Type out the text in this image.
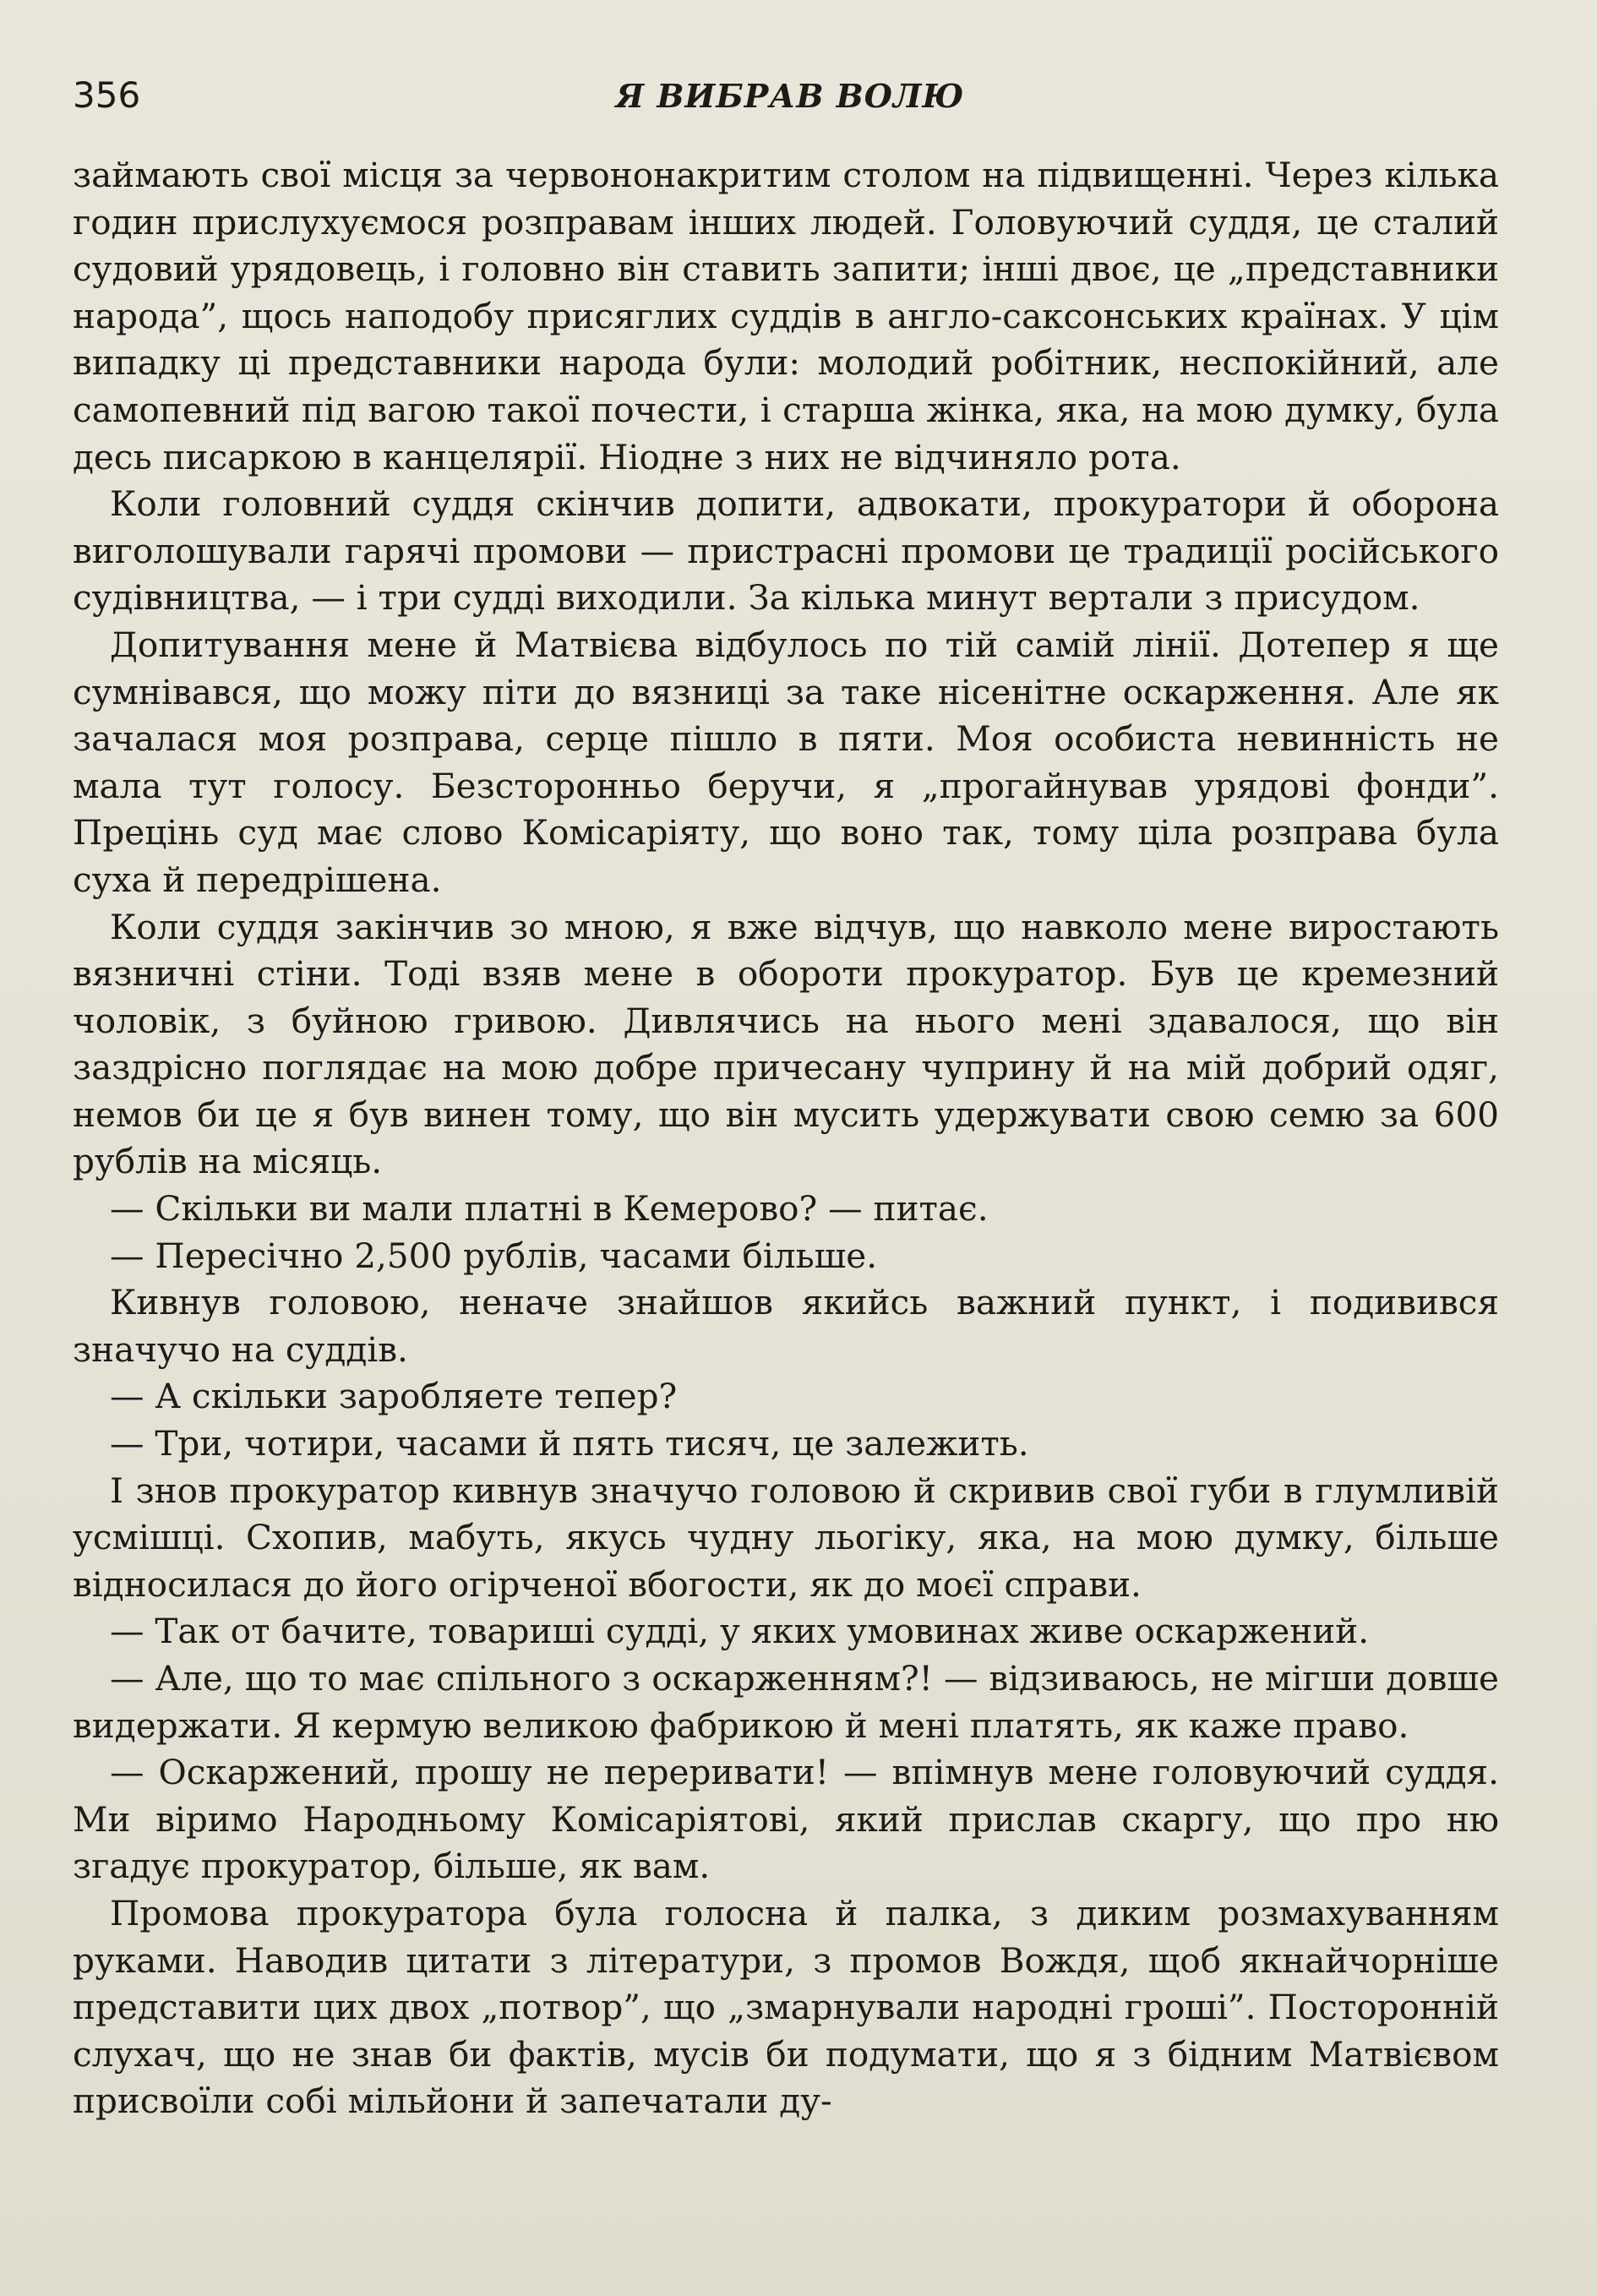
356	Я ВИБРАВ ВОЛЮ

займають свої місця за червононакритим столом на підвищенні. Через кілька годин прислухуємося розправам інших людей. Головуючий суддя, це сталий судовий урядовець, і головно він ставить запити; інші двоє, це „представники народа”, щось наподобу присяглих суддів в англо-саксонських країнах. У цім випадку ці представники народа були: молодий робітник, неспокійний, але самопевний під вагою такої почести, і старша жінка, яка, на мою думку, була десь писаркою в канцелярії. Ніодне з них не відчиняло рота.

Коли головний суддя скінчив допити, адвокати, прокуратори й оборона виголошували гарячі промови — пристрасні промови це традиції російського судівництва, — і три судді виходили. За кілька минут вертали з присудом.

Допитування мене й Матвієва відбулось по тій самій лінії. Дотепер я ще сумнівався, що можу піти до вязниці за таке нісенітне оскарження. Але як зачалася моя розправа, серце пішло в пяти. Моя особиста невинність не мала тут голосу. Безсторонньо беручи, я „прогайнував урядові фонди”. Прецінь суд має слово Комісаріяту, що воно так, тому ціла розправа була суха й передрішена.

Коли суддя закінчив зо мною, я вже відчув, що навколо мене виростають вязничні стіни. Тоді взяв мене в обороти прокуратор. Був це кремезний чоловік, з буйною гривою. Дивлячись на нього мені здавалося, що він заздрісно поглядає на мою добре причесану чуприну й на мій добрий одяг, немов би це я був винен тому, що він мусить удержувати свою семю за 600 рублів на місяць.

— Скільки ви мали платні в Кемерово? — питає.

— Пересічно 2,500 рублів, часами більше.

Кивнув головою, неначе знайшов якийсь важний пункт, і подивився значучо на суддів.

— А скільки заробляете тепер?

— Три, чотири, часами й пять тисяч, це залежить.

І знов прокуратор кивнув значучо головою й скривив свої губи в глумливій усмішці. Схопив, мабуть, якусь чудну льогіку, яка, на мою думку, більше відносилася до його огірченої вбогости, як до моєї справи.

— Так от бачите, товариші судді, у яких умовинах живе оскаржений.

— Але, що то має спільного з оскарженням?! — відзиваюсь, не мігши довше видержати. Я кермую великою фабрикою й мені платять, як каже право.

— Оскаржений, прошу не переривати! — впімнув мене головуючий суддя. Ми віримо Народньому Комісаріятові, який прислав скаргу, що про ню згадує прокуратор, більше, як вам.

Промова прокуратора була голосна й палка, з диким розмахуванням руками. Наводив цитати з літератури, з промов Вождя, щоб якнайчорніше представити цих двох „потвор”, що „змарнували народні гроші”. Посторонній слухач, що не знав би фактів, мусів би подумати, що я з бідним Матвієвом присвоїли собі мільйони й запечатали ду-
